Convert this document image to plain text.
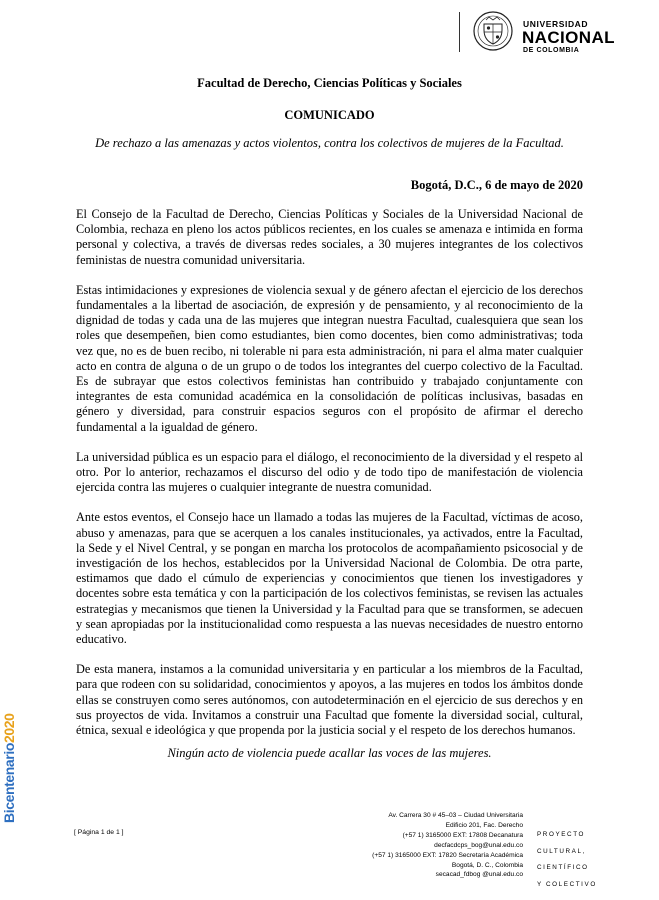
UNIVERSIDAD
NACIONAL
DE COLOMBIA
Facultad de Derecho, Ciencias Políticas y Sociales
COMUNICADO
De rechazo a las amenazas y actos violentos, contra los colectivos de mujeres de la Facultad.
Bogotá, D.C., 6 de mayo de 2020

El Consejo de la Facultad de Derecho, Ciencias Políticas y Sociales de la Universidad Nacional de Colombia, rechaza en pleno los actos públicos recientes, en los cuales se amenaza e intimida en forma personal y colectiva, a través de diversas redes sociales, a 30 mujeres integrantes de los colectivos feministas de nuestra comunidad universitaria.

Estas intimidaciones y expresiones de violencia sexual y de género afectan el ejercicio de los derechos fundamentales a la libertad de asociación, de expresión y de pensamiento, y al reconocimiento de la dignidad de todas y cada una de las mujeres que integran nuestra Facultad, cualesquiera que sean los roles que desempeñen, bien como estudiantes, bien como docentes, bien como administrativas; toda vez que, no es de buen recibo, ni tolerable ni para esta administración, ni para el alma mater cualquier acto en contra de alguna o de un grupo o de todos los integrantes del cuerpo colectivo de la Facultad. Es de subrayar que estos colectivos feministas han contribuido y trabajado conjuntamente con integrantes de esta comunidad académica en la consolidación de políticas inclusivas, basadas en género y diversidad, para construir espacios seguros con el propósito de afirmar el derecho fundamental a la igualdad de género.

La universidad pública es un espacio para el diálogo, el reconocimiento de la diversidad y el respeto al otro. Por lo anterior, rechazamos el discurso del odio y de todo tipo de manifestación de violencia ejercida contra las mujeres o cualquier integrante de nuestra comunidad.

Ante estos eventos, el Consejo hace un llamado a todas las mujeres de la Facultad, víctimas de acoso, abuso y amenazas, para que se acerquen a los canales institucionales, ya activados, entre la Facultad, la Sede y el Nivel Central, y se pongan en marcha los protocolos de acompañamiento psicosocial y de investigación de los hechos, establecidos por la Universidad Nacional de Colombia. De otra parte, estimamos que dado el cúmulo de experiencias y conocimientos que tienen los investigadores y docentes sobre esta temática y con la participación de los colectivos feministas, se revisen las actuales estrategias y mecanismos que tienen la Universidad y la Facultad para que se transformen, se adecuen y sean apropiadas por la institucionalidad como respuesta a las nuevas necesidades de nuestro entorno educativo.

De esta manera, instamos a la comunidad universitaria y en particular a los miembros de la Facultad, para que rodeen con su solidaridad, conocimientos y apoyos, a las mujeres en todos los ámbitos donde ellas se construyen como seres autónomos, con autodeterminación en el ejercicio de sus derechos y en sus proyectos de vida. Invitamos a construir una Facultad que fomente la diversidad social, cultural, étnica, sexual e ideológica y que propenda por la justicia social y el respeto de los derechos humanos.

Ningún acto de violencia puede acallar las voces de las mujeres.
Bicentenario2020
[ Página 1 de 1 ]
Av. Carrera 30 # 45–03 – Ciudad Universitaria
Edificio 201, Fac. Derecho
(+57 1) 3165000 EXT: 17808 Decanatura
decfacdcps_bog@unal.edu.co
(+57 1) 3165000 EXT: 17820 Secretaría Académica
Bogotá, D. C., Colombia
secacad_fdbog @unal.edu.co
PROYECTO
CULTURAL,
CIENTÍFICO
Y COLECTIVO
